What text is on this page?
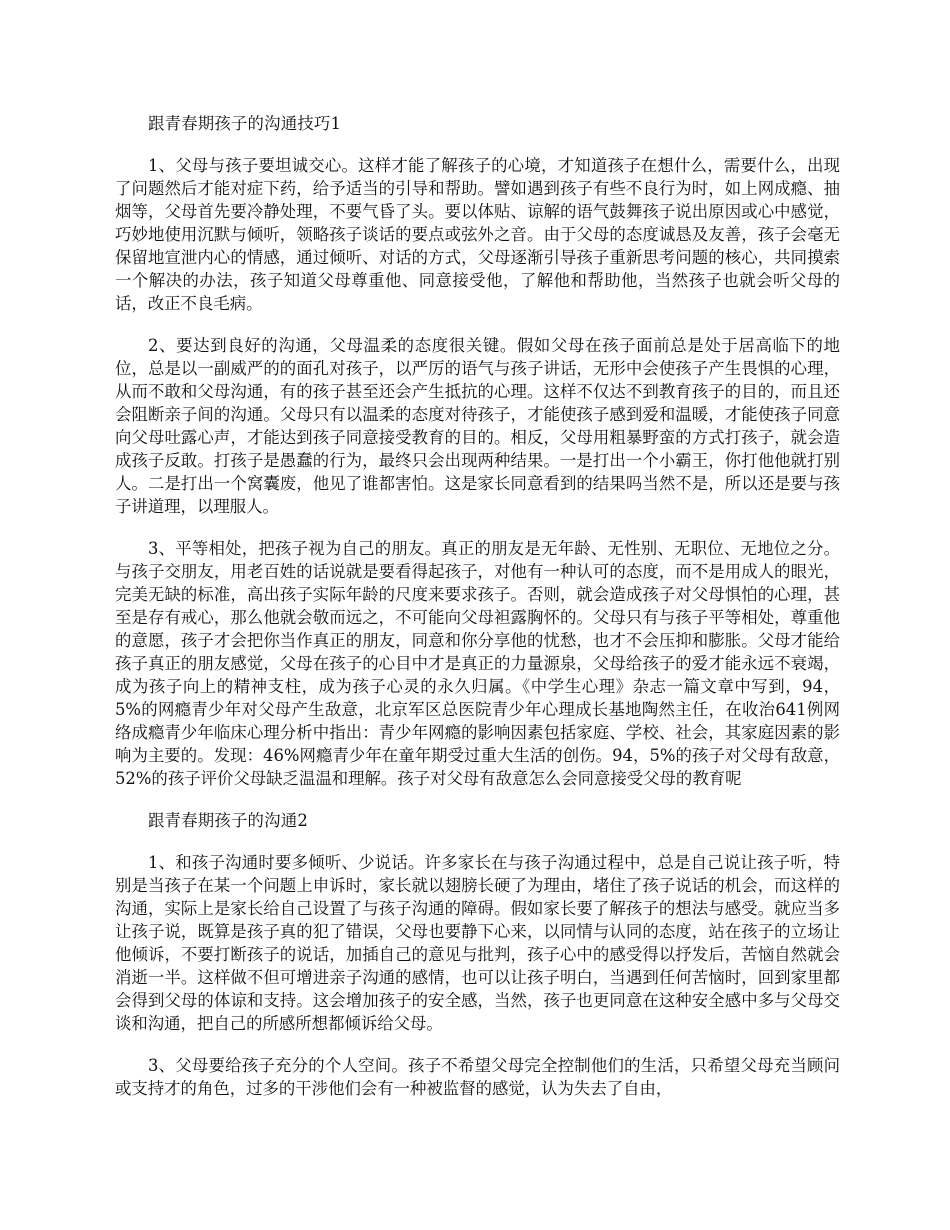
跟青春期孩子的沟通技巧1

1、父母与孩子要坦诚交心。这样才能了解孩子的心境，才知道孩子在想什么，需要什么，出现了问题然后才能对症下药，给予适当的引导和帮助。譬如遇到孩子有些不良行为时，如上网成瘾、抽烟等，父母首先要冷静处理，不要气昏了头。要以体贴、谅解的语气鼓舞孩子说出原因或心中感觉，巧妙地使用沉默与倾听，领略孩子谈话的要点或弦外之音。由于父母的态度诚恳及友善，孩子会毫无保留地宣泄内心的情感，通过倾听、对话的方式，父母逐渐引导孩子重新思考问题的核心，共同摸索一个解决的办法，孩子知道父母尊重他、同意接受他，了解他和帮助他，当然孩子也就会听父母的话，改正不良毛病。

2、要达到良好的沟通，父母温柔的态度很关键。假如父母在孩子面前总是处于居高临下的地位，总是以一副威严的的面孔对孩子，以严厉的语气与孩子讲话，无形中会使孩子产生畏惧的心理，从而不敢和父母沟通，有的孩子甚至还会产生抵抗的心理。这样不仅达不到教育孩子的目的，而且还会阻断亲子间的沟通。父母只有以温柔的态度对待孩子，才能使孩子感到爱和温暖，才能使孩子同意向父母吐露心声，才能达到孩子同意接受教育的目的。相反，父母用粗暴野蛮的方式打孩子，就会造成孩子反敢。打孩子是愚蠢的行为，最终只会出现两种结果。一是打出一个小霸王，你打他他就打别人。二是打出一个窝囊废，他见了谁都害怕。这是家长同意看到的结果吗当然不是，所以还是要与孩子讲道理，以理服人。

3、平等相处，把孩子视为自己的朋友。真正的朋友是无年龄、无性别、无职位、无地位之分。与孩子交朋友，用老百姓的话说就是要看得起孩子，对他有一种认可的态度，而不是用成人的眼光，完美无缺的标准，高出孩子实际年龄的尺度来要求孩子。否则，就会造成孩子对父母惧怕的心理，甚至是存有戒心，那么他就会敬而远之，不可能向父母袒露胸怀的。父母只有与孩子平等相处，尊重他的意愿，孩子才会把你当作真正的朋友，同意和你分享他的忧愁，也才不会压抑和膨胀。父母才能给孩子真正的朋友感觉，父母在孩子的心目中才是真正的力量源泉，父母给孩子的爱才能永远不衰竭，成为孩子向上的精神支柱，成为孩子心灵的永久归属。《中学生心理》杂志一篇文章中写到，94，5%的网瘾青少年对父母产生敌意，北京军区总医院青少年心理成长基地陶然主任，在收治641例网络成瘾青少年临床心理分析中指出：青少年网瘾的影响因素包括家庭、学校、社会，其家庭因素的影响为主要的。发现：46%网瘾青少年在童年期受过重大生活的创伤。94，5%的孩子对父母有敌意，52%的孩子评价父母缺乏温温和理解。孩子对父母有敌意怎么会同意接受父母的教育呢

跟青春期孩子的沟通2

1、和孩子沟通时要多倾听、少说话。许多家长在与孩子沟通过程中，总是自己说让孩子听，特别是当孩子在某一个问题上申诉时，家长就以翅膀长硬了为理由，堵住了孩子说话的机会，而这样的沟通，实际上是家长给自己设置了与孩子沟通的障碍。假如家长要了解孩子的想法与感受。就应当多让孩子说，既算是孩子真的犯了错误，父母也要静下心来，以同情与认同的态度，站在孩子的立场让他倾诉，不要打断孩子的说话，加插自己的意见与批判，孩子心中的感受得以抒发后，苦恼自然就会消逝一半。这样做不但可增进亲子沟通的感情，也可以让孩子明白，当遇到任何苦恼时，回到家里都会得到父母的体谅和支持。这会增加孩子的安全感，当然，孩子也更同意在这种安全感中多与父母交谈和沟通，把自己的所感所想都倾诉给父母。

3、父母要给孩子充分的个人空间。孩子不希望父母完全控制他们的生活，只希望父母充当顾问或支持才的角色，过多的干涉他们会有一种被监督的感觉，认为失去了自由，
